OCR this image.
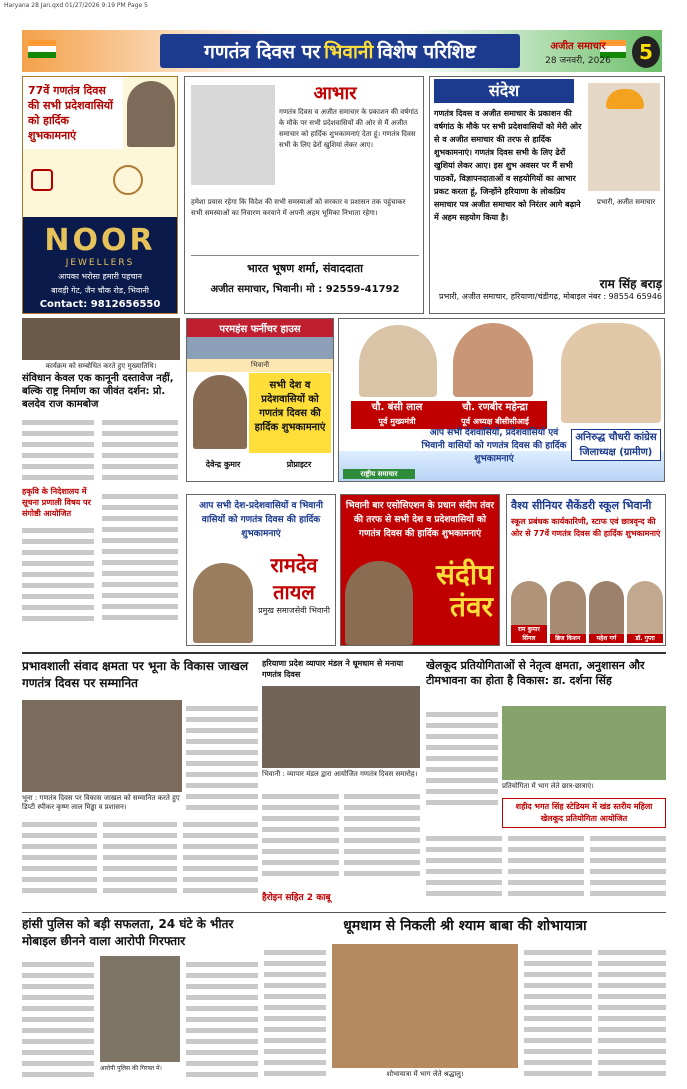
Haryana 28 Jan.qxd 01/27/2026 9:19 PM Page 5
गणतंत्र दिवस पर भिवानी विशेष परिशिष्ट	अजीत समाचार
28 जनवरी, 2026	5
77वें गणतंत्र दिवस की सभी प्रदेशवासियों को हार्दिक शुभकामनाएं
NOOR
JEWELLERS
आपका भरोसा हमारी पहचान
बावड़ी गेट, जैन चौक रोड, भिवानी
Contact: 9812656550
आभार
गणतंत्र दिवस व अजीत समाचार के प्रकाशन की वर्षगांठ के मौके पर सभी प्रदेशवासियों की ओर से मैं अजीत समाचार को हार्दिक शुभकामनाएं देता हूं। गणतंत्र दिवस सभी के लिए ढेरों खुशियां लेकर आए।
हमेशा प्रयास रहेगा कि विदेश की सभी समस्याओं को सरकार व प्रशासन तक पहुंचाकर सभी समस्याओं का निवारण करवाने में अपनी अहम भूमिका निभाता रहेगा।
भारत भूषण शर्मा, संवाददाता
अजीत समाचार, भिवानी। मो : 92559-41792
संदेश
गणतंत्र दिवस व अजीत समाचार के प्रकाशन की वर्षगांठ के मौके पर सभी प्रदेशवासियों को मेरी ओर से व अजीत समाचार की तरफ से हार्दिक शुभकामनाएं। गणतंत्र दिवस सभी के लिए ढेरों खुशियां लेकर आए। इस शुभ अवसर पर मैं सभी पाठकों, विज्ञापनदाताओं व सहयोगियों का आभार प्रकट करता हूं, जिन्होंने हरियाणा के लोकप्रिय समाचार पत्र अजीत समाचार को निरंतर आगे बढ़ाने में अहम सहयोग किया है।
प्रभारी, अजीत समाचार
राम सिंह बराड़
प्रभारी, अजीत समाचार, हरियाणा/चंडीगढ़, मोबाइल नंबर : 98554 65946
कार्यक्रम को सम्बोधित करते हुए मुख्यातिथि।
संविधान केवल एक कानूनी दस्तावेज नहीं, बल्कि राष्ट्र निर्माण का जीवंत दर्शन: प्रो. बलदेव राज कामबोज
हकृवि के निदेशालय में सूचना प्रणाली विषय पर संगोष्ठी आयोजित
परमहंस फर्नीचर हाउस
भिवानी
सभी देश व प्रदेशवासियों को गणतंत्र दिवस की हार्दिक शुभकामनाएं
देवेन्द्र कुमार	प्रोप्राइटर
चौ. बंसी लाल
पूर्व मुख्यमंत्री
चौ. रणबीर महेन्द्रा
पूर्व अध्यक्ष बीसीसीआई
आप सभी देशवासियों, प्रदेशवासियों एवं भिवानी वासियों को गणतंत्र दिवस की हार्दिक शुभकामनाएं
राष्ट्रीय समाचार
अनिरुद्ध चौधरी कांग्रेस जिलाध्यक्ष (ग्रामीण)
आप सभी देश-प्रदेशवासियों व भिवानी वासियों को गणतंत्र दिवस की हार्दिक शुभकामनाएं
रामदेव
तायल
प्रमुख समाजसेवी भिवानी
भिवानी बार एसोसिएशन के प्रधान संदीप तंवर की तरफ से सभी देश व प्रदेशवासियों को गणतंत्र दिवस की हार्दिक शुभकामनाएं
संदीप
तंवर
वैश्य सीनियर सैकेंडरी स्कूल भिवानी
स्कूल प्रबंधक कार्यकारिणी, स्टाफ एवं छात्रवृन्द की ओर से 77वें गणतंत्र दिवस की हार्दिक शुभकामनाएं
राम कुमार सिंगल	ब्रिज किशन	महेश गर्ग	डॉ. गुप्ता
प्रभावशाली संवाद क्षमता पर भूना के विकास जाखल गणतंत्र दिवस पर सम्मानित
भूना : गणतंत्र दिवस पर विकास जाखल को सम्मानित करते हुए डिप्टी स्पीकर कृष्ण लाल मिड्ढा व प्रशासन।
हरियाणा प्रदेश व्यापार मंडल ने धूमधाम से मनाया गणतंत्र दिवस
भिवानी : व्यापार मंडल द्वारा आयोजित गणतंत्र दिवस समारोह।
हैरोइन सहित 2 काबू
खेलकूद प्रतियोगिताओं से नेतृत्व क्षमता, अनुशासन और टीमभावना का होता है विकास: डा. दर्शना सिंह
प्रतियोगिता में भाग लेते छात्र-छात्राएं।
शहीद भगत सिंह स्टेडियम में खंड स्तरीय महिला खेलकूद प्रतियोगिता आयोजित
हांसी पुलिस को बड़ी सफलता, 24 घंटे के भीतर मोबाइल छीनने वाला आरोपी गिरफ्तार
आरोपी पुलिस की गिरफ्त में।
धूमधाम से निकली श्री श्याम बाबा की शोभायात्रा
शोभायात्रा में भाग लेते श्रद्धालु।
